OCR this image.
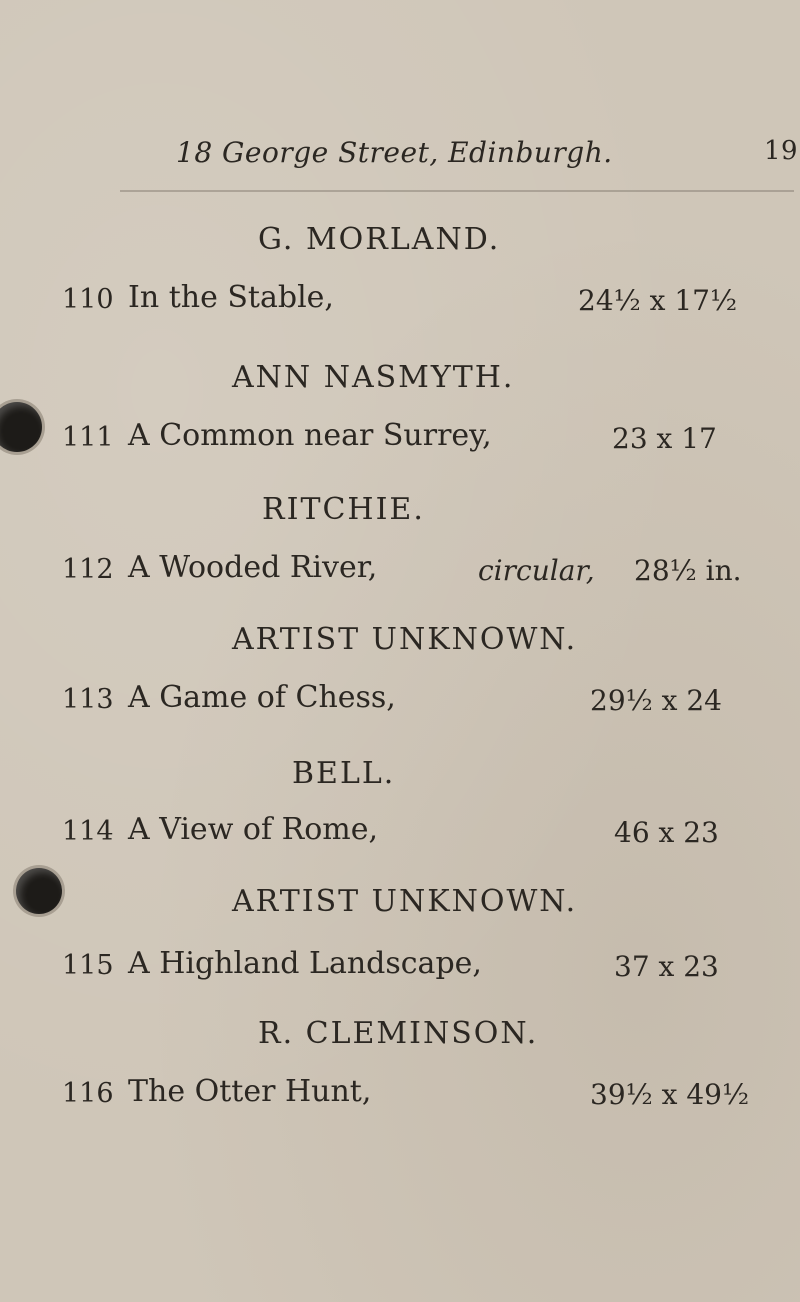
18 George Street, Edinburgh.	19
G. MORLAND.
110 In the Stable,	24½ x 17½
ANN NASMYTH.
111 A Common near Surrey,	23 x 17
RITCHIE.
112 A Wooded River,	circular, 28½ in.
ARTIST UNKNOWN.
113 A Game of Chess,	29½ x 24
BELL.
114 A View of Rome,	46 x 23
ARTIST UNKNOWN.
115 A Highland Landscape,	37 x 23
R. CLEMINSON.
116 The Otter Hunt,	39½ x 49½
